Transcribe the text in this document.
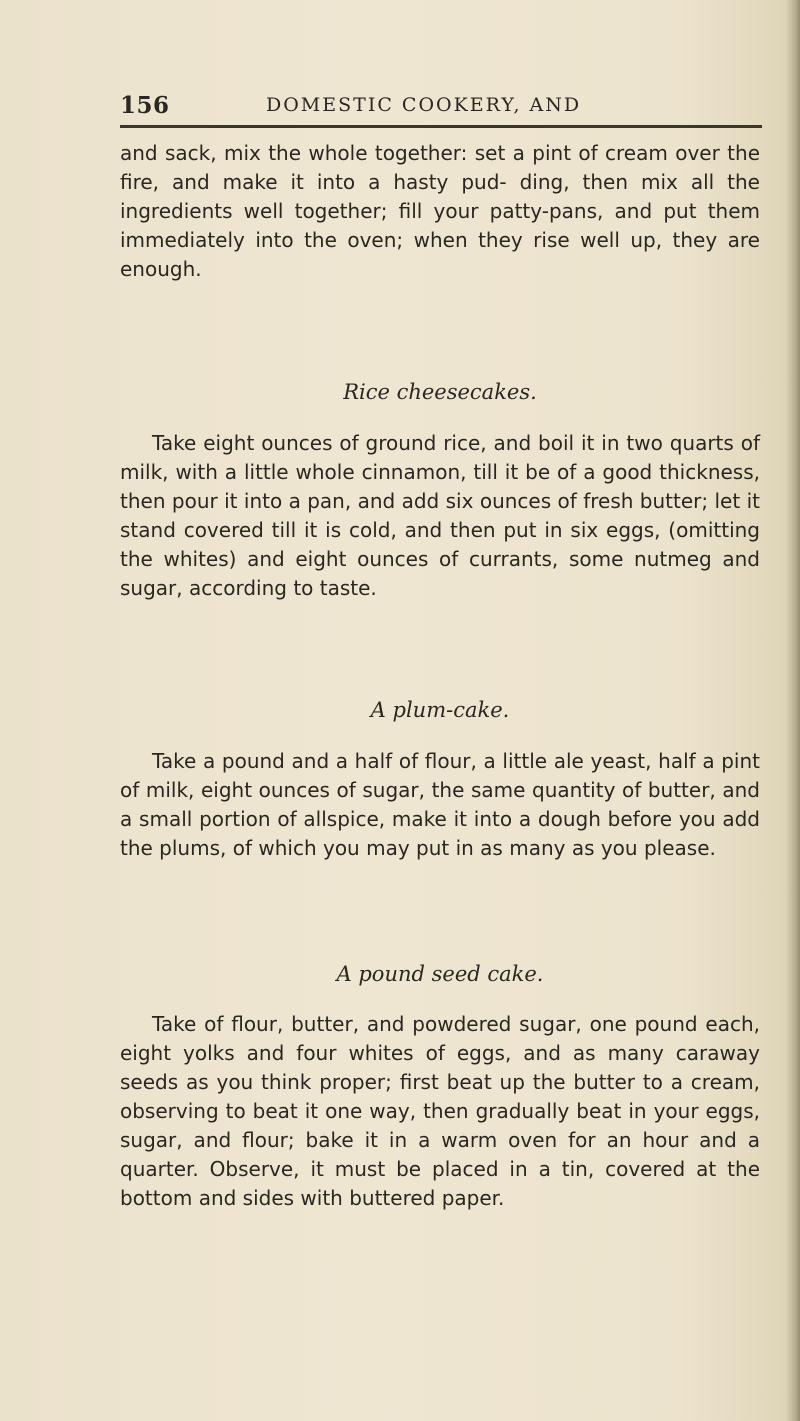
156	DOMESTIC COOKERY, AND

and sack, mix the whole together: set a pint of cream over the fire, and make it into a hasty pud- ding, then mix all the ingredients well together; fill your patty-pans, and put them immediately into the oven; when they rise well up, they are enough.

Rice cheesecakes.

Take eight ounces of ground rice, and boil it in two quarts of milk, with a little whole cinnamon, till it be of a good thickness, then pour it into a pan, and add six ounces of fresh butter; let it stand covered till it is cold, and then put in six eggs, (omitting the whites) and eight ounces of currants, some nutmeg and sugar, according to taste.

A plum-cake.

Take a pound and a half of flour, a little ale yeast, half a pint of milk, eight ounces of sugar, the same quantity of butter, and a small portion of allspice, make it into a dough before you add the plums, of which you may put in as many as you please.

A pound seed cake.

Take of flour, butter, and powdered sugar, one pound each, eight yolks and four whites of eggs, and as many caraway seeds as you think proper; first beat up the butter to a cream, observing to beat it one way, then gradually beat in your eggs, sugar, and flour; bake it in a warm oven for an hour and a quarter. Observe, it must be placed in a tin, covered at the bottom and sides with buttered paper.
